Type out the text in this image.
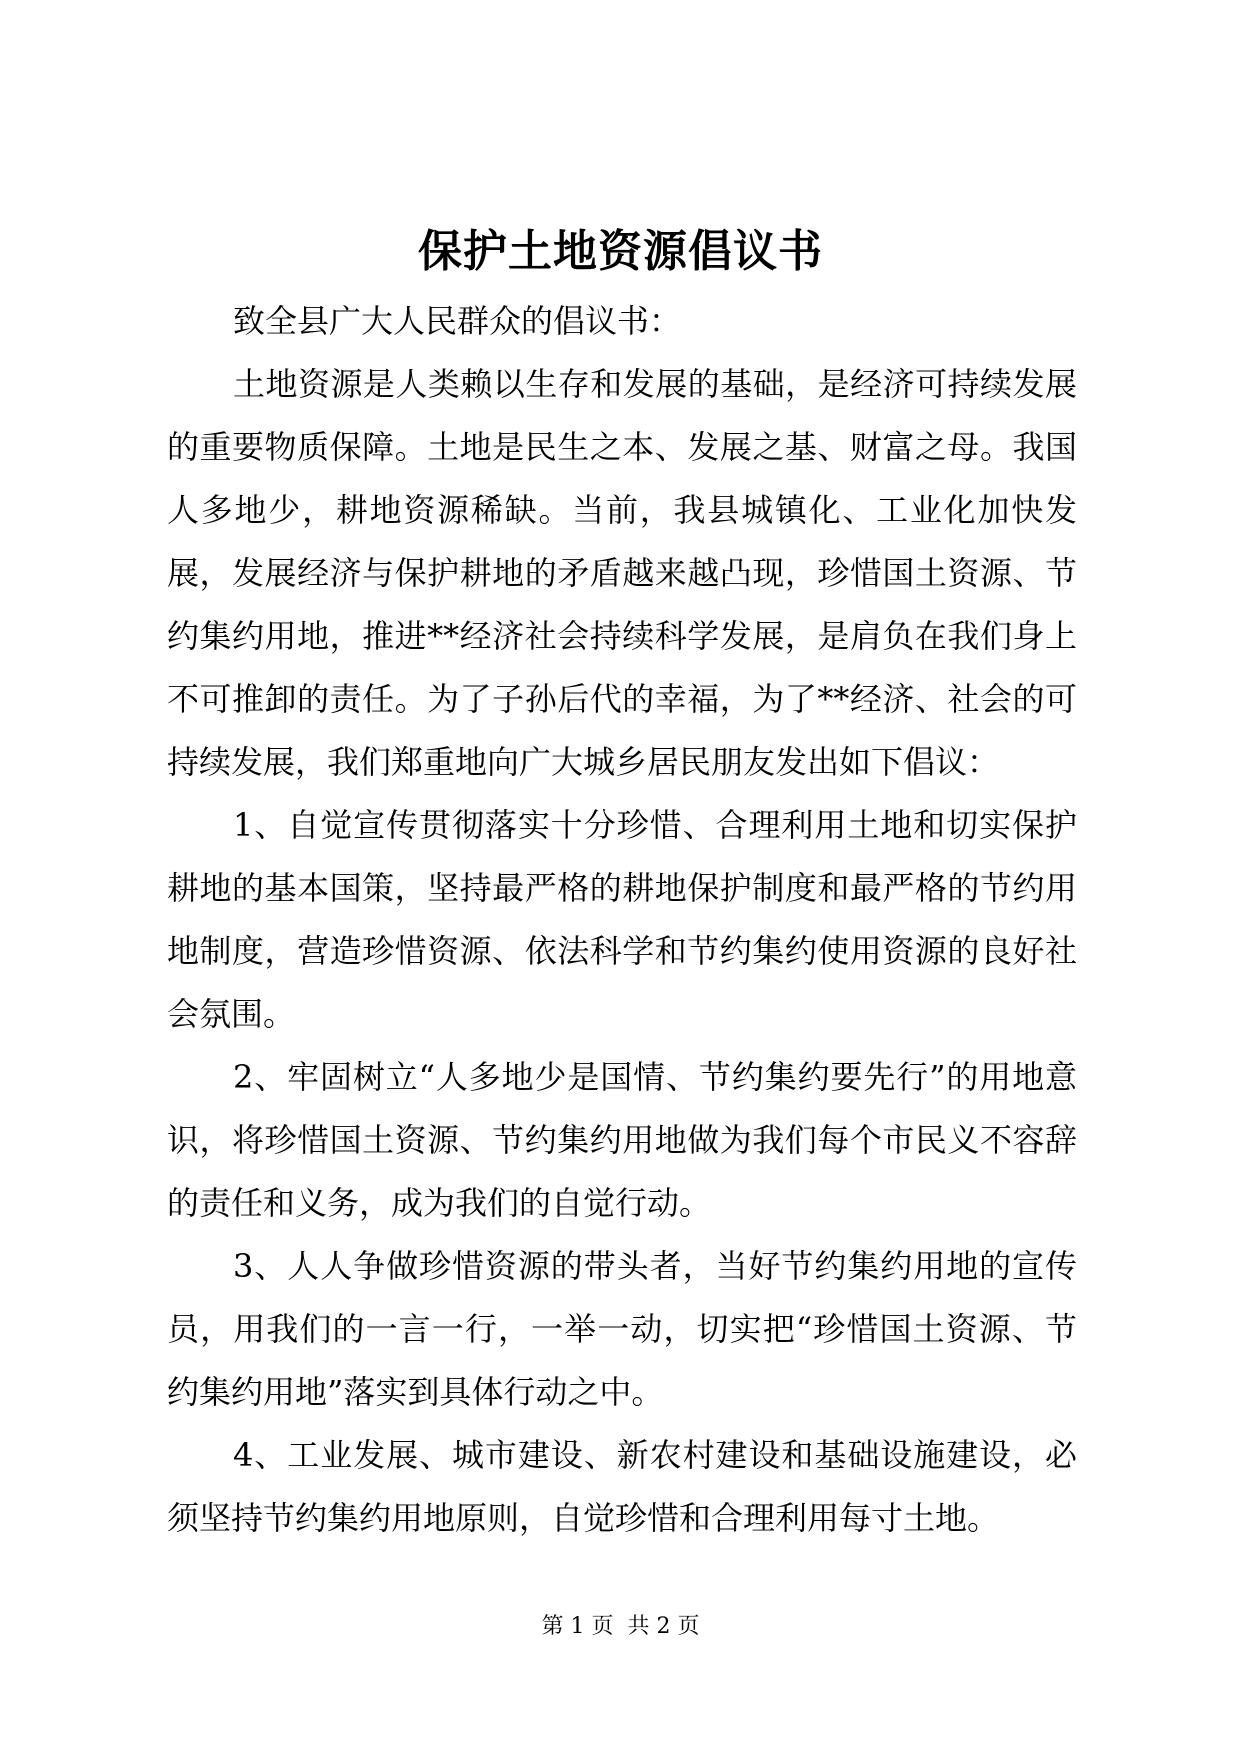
保护土地资源倡议书

致全县广大人民群众的倡议书：

土地资源是人类赖以生存和发展的基础，是经济可持续发展的重要物质保障。土地是民生之本、发展之基、财富之母。我国人多地少，耕地资源稀缺。当前，我县城镇化、工业化加快发展，发展经济与保护耕地的矛盾越来越凸现，珍惜国土资源、节约集约用地，推进**经济社会持续科学发展，是肩负在我们身上不可推卸的责任。为了子孙后代的幸福，为了**经济、社会的可持续发展，我们郑重地向广大城乡居民朋友发出如下倡议：

1、自觉宣传贯彻落实十分珍惜、合理利用土地和切实保护耕地的基本国策，坚持最严格的耕地保护制度和最严格的节约用地制度，营造珍惜资源、依法科学和节约集约使用资源的良好社会氛围。

2、牢固树立“人多地少是国情、节约集约要先行”的用地意识，将珍惜国土资源、节约集约用地做为我们每个市民义不容辞的责任和义务，成为我们的自觉行动。

3、人人争做珍惜资源的带头者，当好节约集约用地的宣传员，用我们的一言一行，一举一动，切实把“珍惜国土资源、节约集约用地”落实到具体行动之中。

4、工业发展、城市建设、新农村建设和基础设施建设，必须坚持节约集约用地原则，自觉珍惜和合理利用每寸土地。

第 1 页  共 2 页
